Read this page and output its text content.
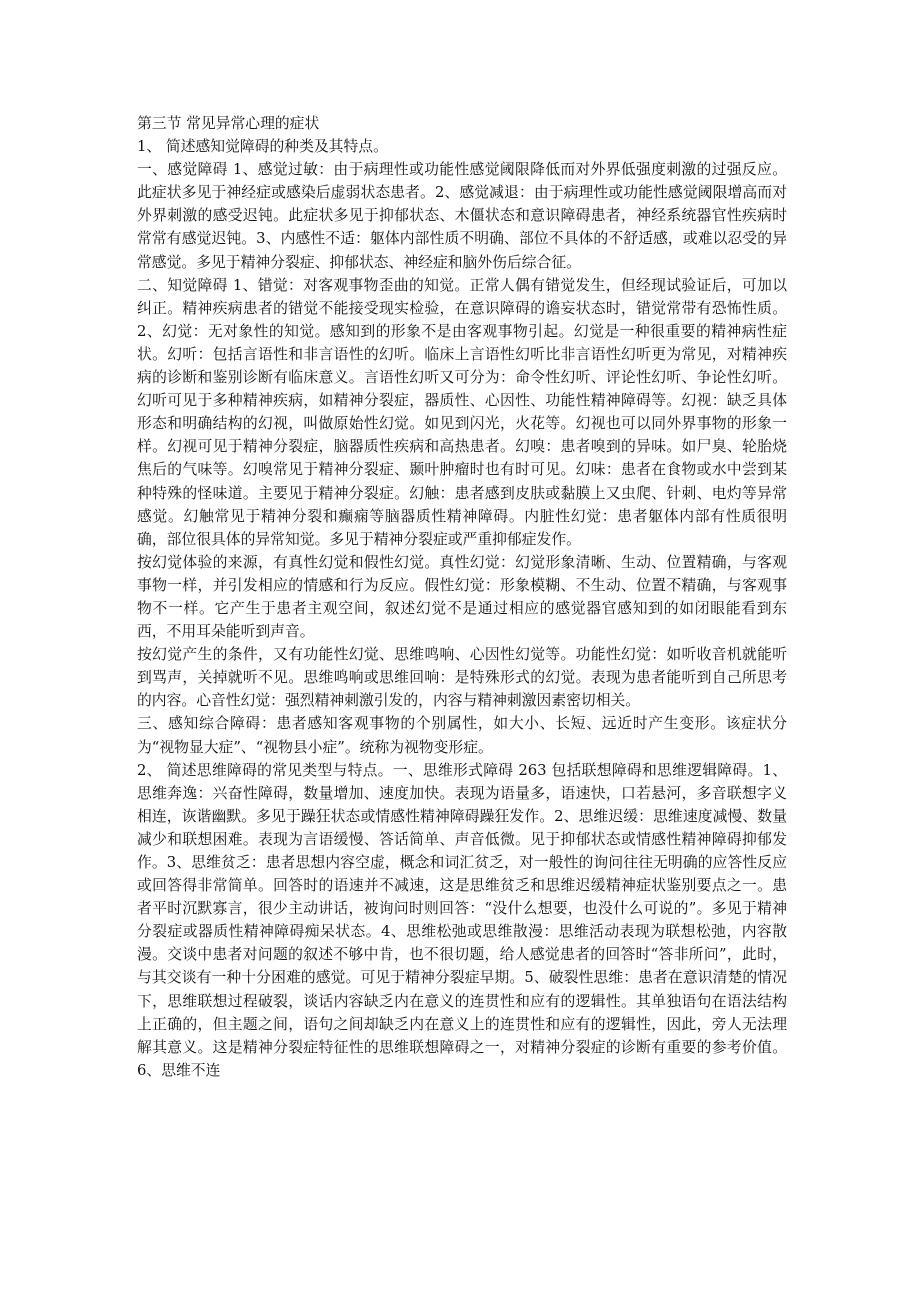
第三节 常见异常心理的症状

1、 简述感知觉障碍的种类及其特点。

一、感觉障碍 1、感觉过敏：由于病理性或功能性感觉阈限降低而对外界低强度刺激的过强反应。此症状多见于神经症或感染后虚弱状态患者。2、感觉减退：由于病理性或功能性感觉阈限增高而对外界刺激的感受迟钝。此症状多见于抑郁状态、木僵状态和意识障碍患者，神经系统器官性疾病时常常有感觉迟钝。3、内感性不适：躯体内部性质不明确、部位不具体的不舒适感，或难以忍受的异常感觉。多见于精神分裂症、抑郁状态、神经症和脑外伤后综合征。

二、知觉障碍 1、错觉：对客观事物歪曲的知觉。正常人偶有错觉发生，但经现试验证后，可加以纠正。精神疾病患者的错觉不能接受现实检验，在意识障碍的谵妄状态时，错觉常带有恐怖性质。2、幻觉：无对象性的知觉。感知到的形象不是由客观事物引起。幻觉是一种很重要的精神病性症状。幻听：包括言语性和非言语性的幻听。临床上言语性幻听比非言语性幻听更为常见，对精神疾病的诊断和鉴别诊断有临床意义。言语性幻听又可分为：命令性幻听、评论性幻听、争论性幻听。幻听可见于多种精神疾病，如精神分裂症，器质性、心因性、功能性精神障碍等。幻视：缺乏具体形态和明确结构的幻视，叫做原始性幻觉。如见到闪光，火花等。幻视也可以同外界事物的形象一样。幻视可见于精神分裂症，脑器质性疾病和高热患者。幻嗅：患者嗅到的异味。如尸臭、轮胎烧焦后的气味等。幻嗅常见于精神分裂症、颞叶肿瘤时也有时可见。幻味：患者在食物或水中尝到某种特殊的怪味道。主要见于精神分裂症。幻触：患者感到皮肤或黏膜上又虫爬、针刺、电灼等异常感觉。幻触常见于精神分裂和癫痫等脑器质性精神障碍。内脏性幻觉：患者躯体内部有性质很明确，部位很具体的异常知觉。多见于精神分裂症或严重抑郁症发作。

按幻觉体验的来源，有真性幻觉和假性幻觉。真性幻觉：幻觉形象清晰、生动、位置精确，与客观事物一样，并引发相应的情感和行为反应。假性幻觉：形象模糊、不生动、位置不精确，与客观事物不一样。它产生于患者主观空间，叙述幻觉不是通过相应的感觉器官感知到的如闭眼能看到东西，不用耳朵能听到声音。

按幻觉产生的条件，又有功能性幻觉、思维鸣响、心因性幻觉等。功能性幻觉：如听收音机就能听到骂声，关掉就听不见。思维鸣响或思维回响：是特殊形式的幻觉。表现为患者能听到自己所思考的内容。心音性幻觉：强烈精神刺激引发的，内容与精神刺激因素密切相关。

三、感知综合障碍：患者感知客观事物的个别属性，如大小、长短、远近时产生变形。该症状分为“视物显大症”、“视物县小症”。统称为视物变形症。

2、 简述思维障碍的常见类型与特点。一、思维形式障碍 263 包括联想障碍和思维逻辑障碍。1、思维奔逸：兴奋性障碍，数量增加、速度加快。表现为语量多，语速快，口若悬河，多音联想字义相连，诙谐幽默。多见于躁狂状态或情感性精神障碍躁狂发作。2、思维迟缓：思维速度减慢、数量减少和联想困难。表现为言语缓慢、答话简单、声音低微。见于抑郁状态或情感性精神障碍抑郁发作。3、思维贫乏：患者思想内容空虚，概念和词汇贫乏，对一般性的询问往往无明确的应答性反应或回答得非常简单。回答时的语速并不减速，这是思维贫乏和思维迟缓精神症状鉴别要点之一。患者平时沉默寡言，很少主动讲话，被询问时则回答：“没什么想要，也没什么可说的”。多见于精神分裂症或器质性精神障碍痴呆状态。4、思维松弛或思维散漫：思维活动表现为联想松弛，内容散漫。交谈中患者对问题的叙述不够中肯，也不很切题，给人感觉患者的回答时“答非所问”，此时，与其交谈有一种十分困难的感觉。可见于精神分裂症早期。5、破裂性思维：患者在意识清楚的情况下，思维联想过程破裂，谈话内容缺乏内在意义的连贯性和应有的逻辑性。其单独语句在语法结构上正确的，但主题之间，语句之间却缺乏内在意义上的连贯性和应有的逻辑性，因此，旁人无法理解其意义。这是精神分裂症特征性的思维联想障碍之一，对精神分裂症的诊断有重要的参考价值。6、思维不连
